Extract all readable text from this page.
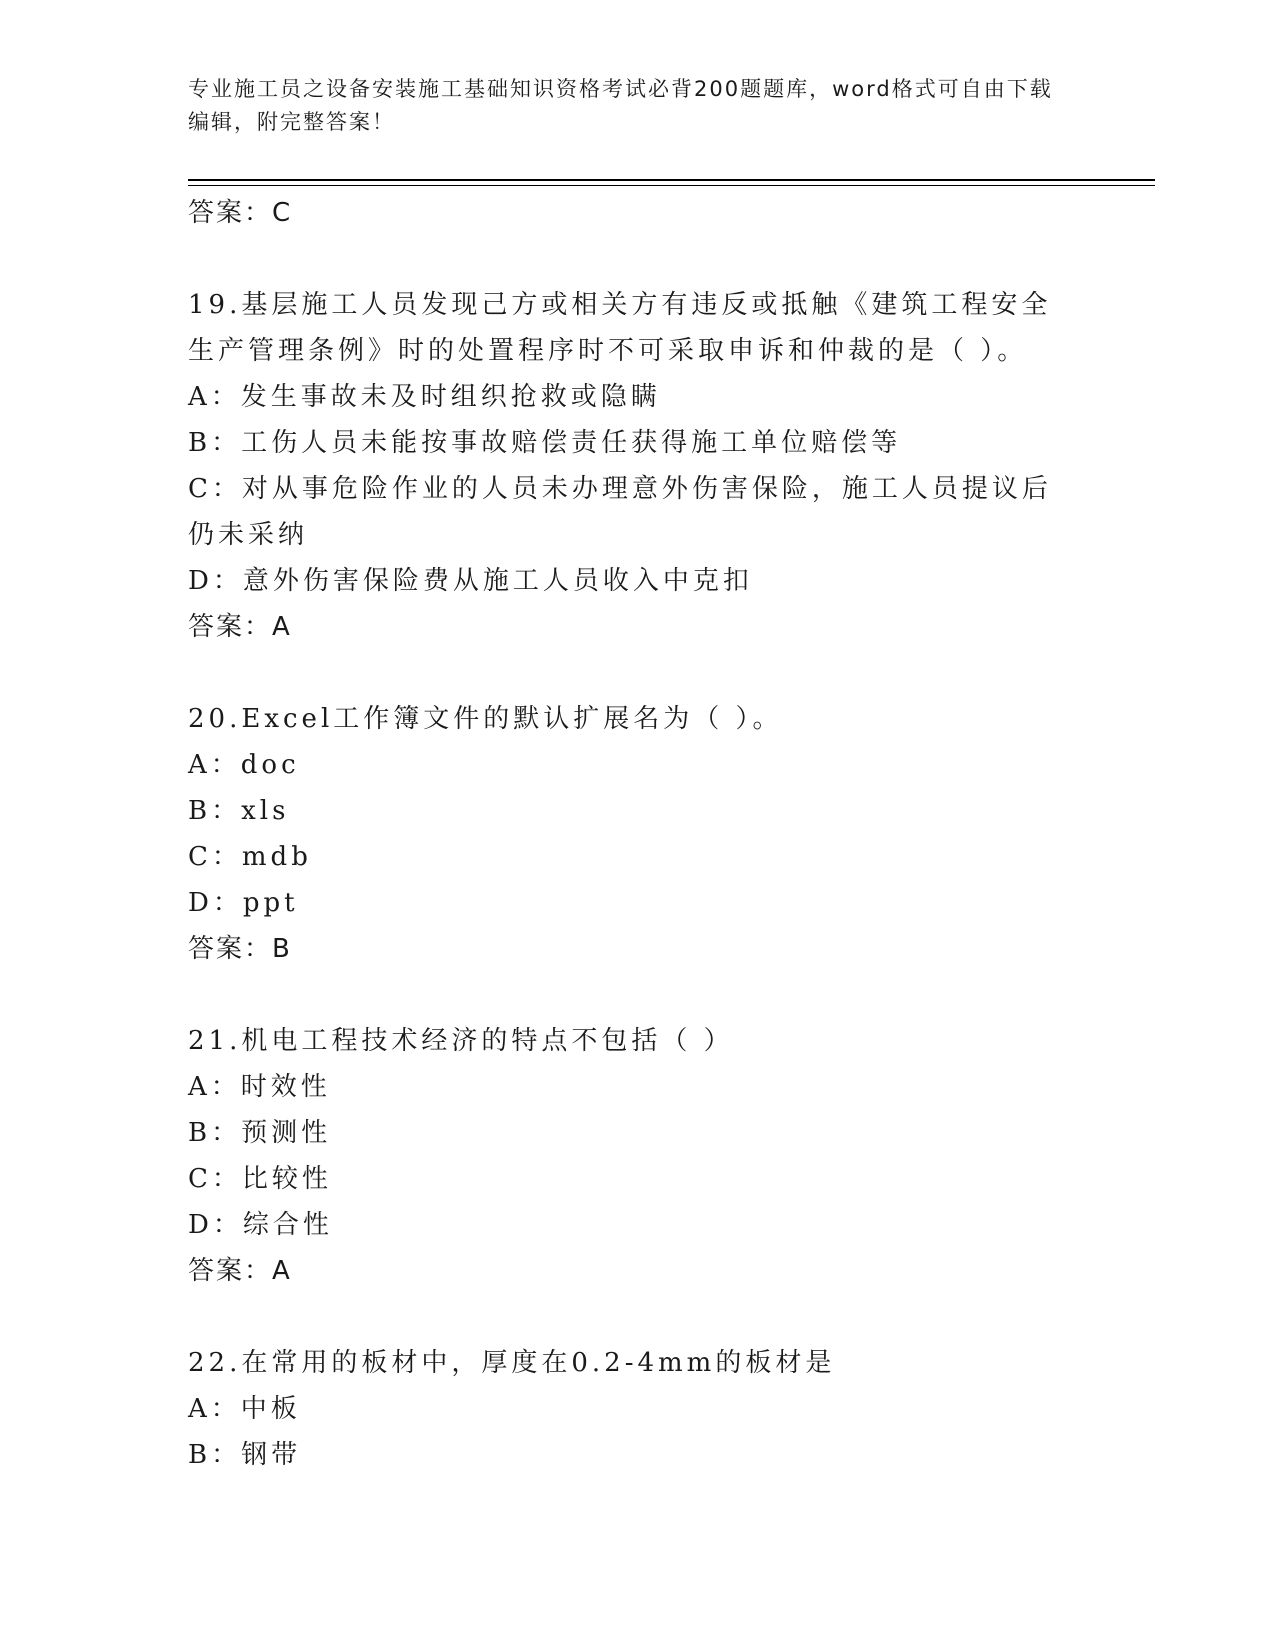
专业施工员之设备安装施工基础知识资格考试必背200题题库，word格式可自由下载编辑，附完整答案！
答案：C
19.基层施工人员发现己方或相关方有违反或抵触《建筑工程安全生产管理条例》时的处置程序时不可采取申诉和仲裁的是（ ）。
A：发生事故未及时组织抢救或隐瞒
B：工伤人员未能按事故赔偿责任获得施工单位赔偿等
C：对从事危险作业的人员未办理意外伤害保险，施工人员提议后仍未采纳
D：意外伤害保险费从施工人员收入中克扣
答案：A
20.Excel工作簿文件的默认扩展名为（ ）。
A：doc
B：xls
C：mdb
D：ppt
答案：B
21.机电工程技术经济的特点不包括（ ）
A：时效性
B：预测性
C：比较性
D：综合性
答案：A
22.在常用的板材中，厚度在0.2-4mm的板材是
A：中板
B：钢带
